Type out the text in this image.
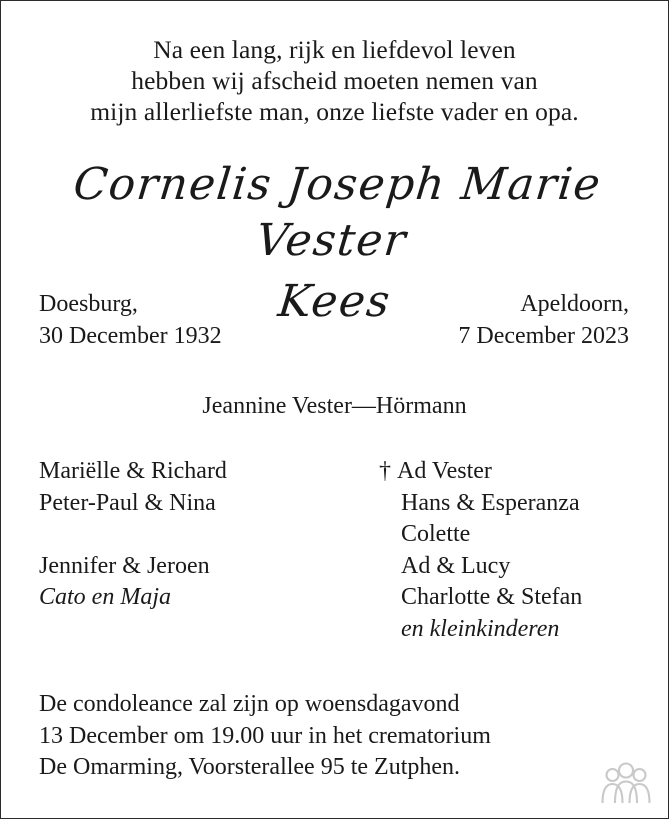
Na een lang, rijk en liefdevol leven
hebben wij afscheid moeten nemen van
mijn allerliefste man, onze liefste vader en opa.
Cornelis Joseph Marie Vester
Kees
Doesburg,
30 December 1932
Apeldoorn,
7 December 2023
Jeannine Vester—Hörmann
Mariëlle & Richard
Peter-Paul & Nina
Jennifer & Jeroen
Cato en Maja
† Ad Vester
Hans & Esperanza
Colette
Ad & Lucy
Charlotte & Stefan
en kleinkinderen
De condoleance zal zijn op woensdagavond
13 December om 19.00 uur in het crematorium
De Omarming, Voorsterallee 95 te Zutphen.
